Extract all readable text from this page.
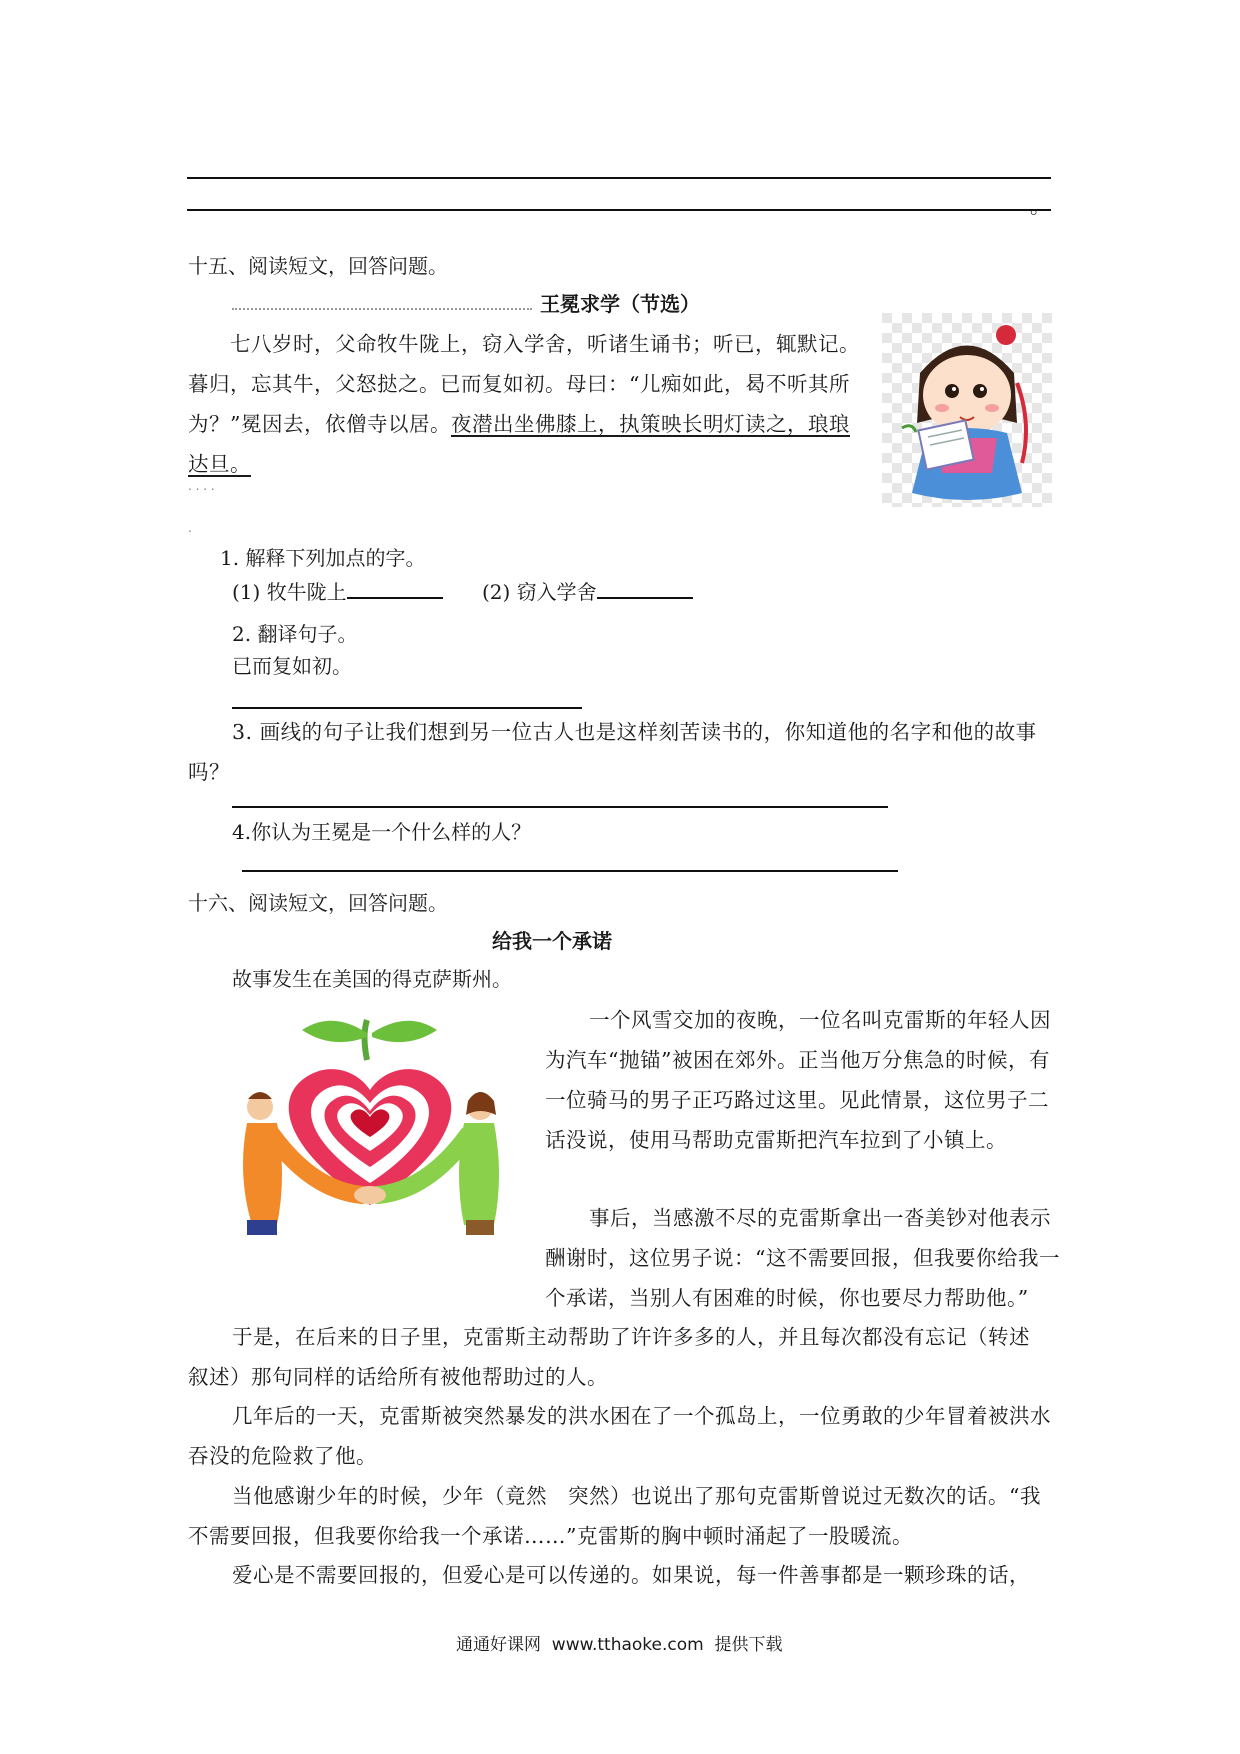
。
十五、阅读短文，回答问题。
王冕求学（节选）
七八岁时，父命牧牛陇上，窃入学舍，听诸生诵书；听已，辄默记。暮归，忘其牛，父怒挞之。已而复如初。母曰：“儿痴如此，曷不听其所为？”冕因去，依僧寺以居。夜潜出坐佛膝上，执策映长明灯读之，琅琅达旦。
. . . .
.
1. 解释下列加点的字。
(1) 牧牛陇上	(2) 窃入学舍
2. 翻译句子。
已而复如初。
3. 画线的句子让我们想到另一位古人也是这样刻苦读书的，你知道他的名字和他的故事吗？
4.你认为王冕是一个什么样的人？
十六、阅读短文，回答问题。
给我一个承诺
故事发生在美国的得克萨斯州。
一个风雪交加的夜晚，一位名叫克雷斯的年轻人因为汽车“抛锚”被困在郊外。正当他万分焦急的时候，有一位骑马的男子正巧路过这里。见此情景，这位男子二话没说，使用马帮助克雷斯把汽车拉到了小镇上。
事后，当感激不尽的克雷斯拿出一沓美钞对他表示酬谢时，这位男子说：“这不需要回报，但我要你给我一个承诺，当别人有困难的时候，你也要尽力帮助他。”
于是，在后来的日子里，克雷斯主动帮助了许许多多的人，并且每次都没有忘记（转述　叙述）那句同样的话给所有被他帮助过的人。
几年后的一天，克雷斯被突然暴发的洪水困在了一个孤岛上，一位勇敢的少年冒着被洪水吞没的危险救了他。
当他感谢少年的时候，少年（竟然　突然）也说出了那句克雷斯曾说过无数次的话。“我不需要回报，但我要你给我一个承诺……”克雷斯的胸中顿时涌起了一股暖流。
爱心是不需要回报的，但爱心是可以传递的。如果说，每一件善事都是一颗珍珠的话，
通通好课网  www.tthaoke.com  提供下载
